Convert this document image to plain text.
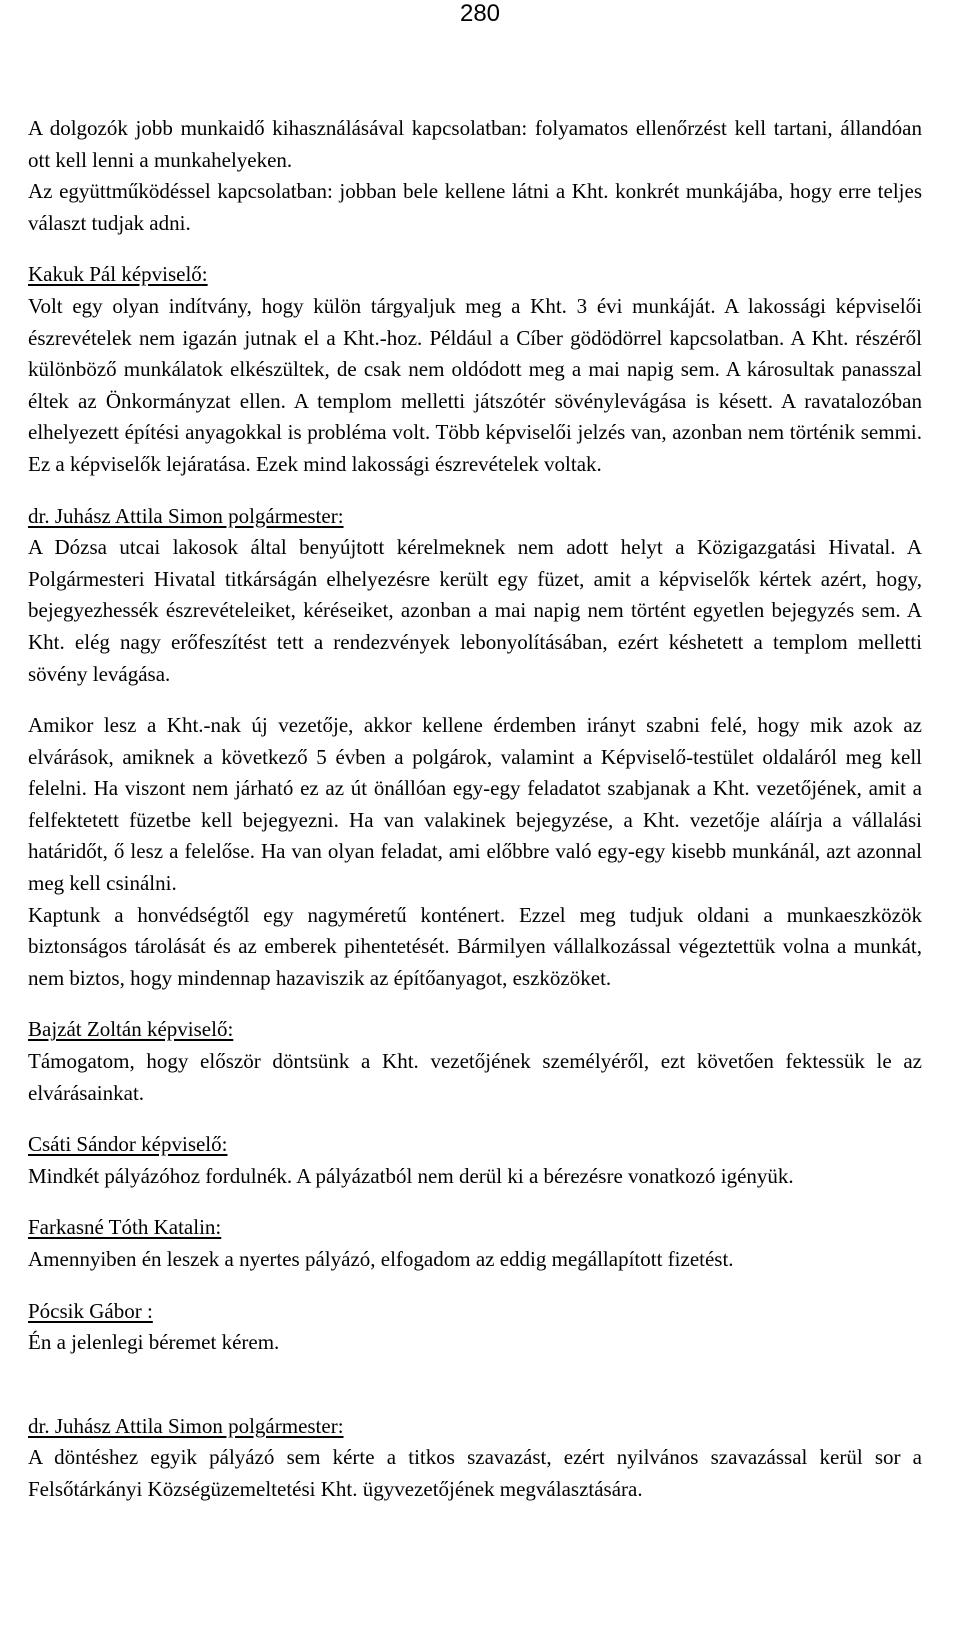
280

A dolgozók jobb munkaidő kihasználásával kapcsolatban: folyamatos ellenőrzést kell tartani, állandóan ott kell lenni a munkahelyeken.

Az együttműködéssel kapcsolatban: jobban bele kellene látni a Kht. konkrét munkájába, hogy erre teljes választ tudjak adni.

Kakuk Pál képviselő:

Volt egy olyan indítvány, hogy külön tárgyaljuk meg a Kht. 3 évi munkáját. A lakossági képviselői észrevételek nem igazán jutnak el a Kht.-hoz. Például a Cíber gödödörrel kapcsolatban. A Kht. részéről különböző munkálatok elkészültek, de csak nem oldódott meg a mai napig sem. A károsultak panasszal éltek az Önkormányzat ellen. A templom melletti játszótér sövénylevágása is késett. A ravatalozóban elhelyezett építési anyagokkal is probléma volt. Több képviselői jelzés van, azonban nem történik semmi. Ez a képviselők lejáratása. Ezek mind lakossági észrevételek voltak.

dr. Juhász Attila Simon polgármester:

A Dózsa utcai lakosok által benyújtott kérelmeknek nem adott helyt a Közigazgatási Hivatal. A Polgármesteri Hivatal titkárságán elhelyezésre került egy füzet, amit a képviselők kértek azért, hogy, bejegyezhessék észrevételeiket, kéréseiket, azonban a mai napig nem történt egyetlen bejegyzés sem. A Kht. elég nagy erőfeszítést tett a rendezvények lebonyolításában, ezért késhetett a templom melletti sövény levágása.

Amikor lesz a Kht.-nak új vezetője, akkor kellene érdemben irányt szabni felé, hogy mik azok az elvárások, amiknek a következő 5 évben a polgárok, valamint a Képviselő-testület oldaláról meg kell felelni. Ha viszont nem járható ez az út önállóan egy-egy feladatot szabjanak a Kht. vezetőjének, amit a felfektetett füzetbe kell bejegyezni. Ha van valakinek bejegyzése, a Kht. vezetője aláírja a vállalási határidőt, ő lesz a felelőse. Ha van olyan feladat, ami előbbre való egy-egy kisebb munkánál, azt azonnal meg kell csinálni.

Kaptunk a honvédségtől egy nagyméretű konténert. Ezzel meg tudjuk oldani a munkaeszközök biztonságos tárolását és az emberek pihentetését. Bármilyen vállalkozással végeztettük volna a munkát, nem biztos, hogy mindennap hazaviszik az építőanyagot, eszközöket.

Bajzát Zoltán képviselő:

Támogatom, hogy először döntsünk a Kht. vezetőjének személyéről, ezt követően fektessük le az elvárásainkat.

Csáti Sándor képviselő:

Mindkét pályázóhoz fordulnék. A pályázatból nem derül ki a bérezésre vonatkozó igényük.

Farkasné Tóth Katalin:

Amennyiben én leszek a nyertes pályázó, elfogadom az eddig megállapított fizetést.

Pócsik Gábor :

Én a jelenlegi béremet kérem.

dr. Juhász Attila Simon polgármester:

A döntéshez egyik pályázó sem kérte a titkos szavazást, ezért nyilvános szavazással kerül sor a Felsőtárkányi Községüzemeltetési Kht. ügyvezetőjének megválasztására.
